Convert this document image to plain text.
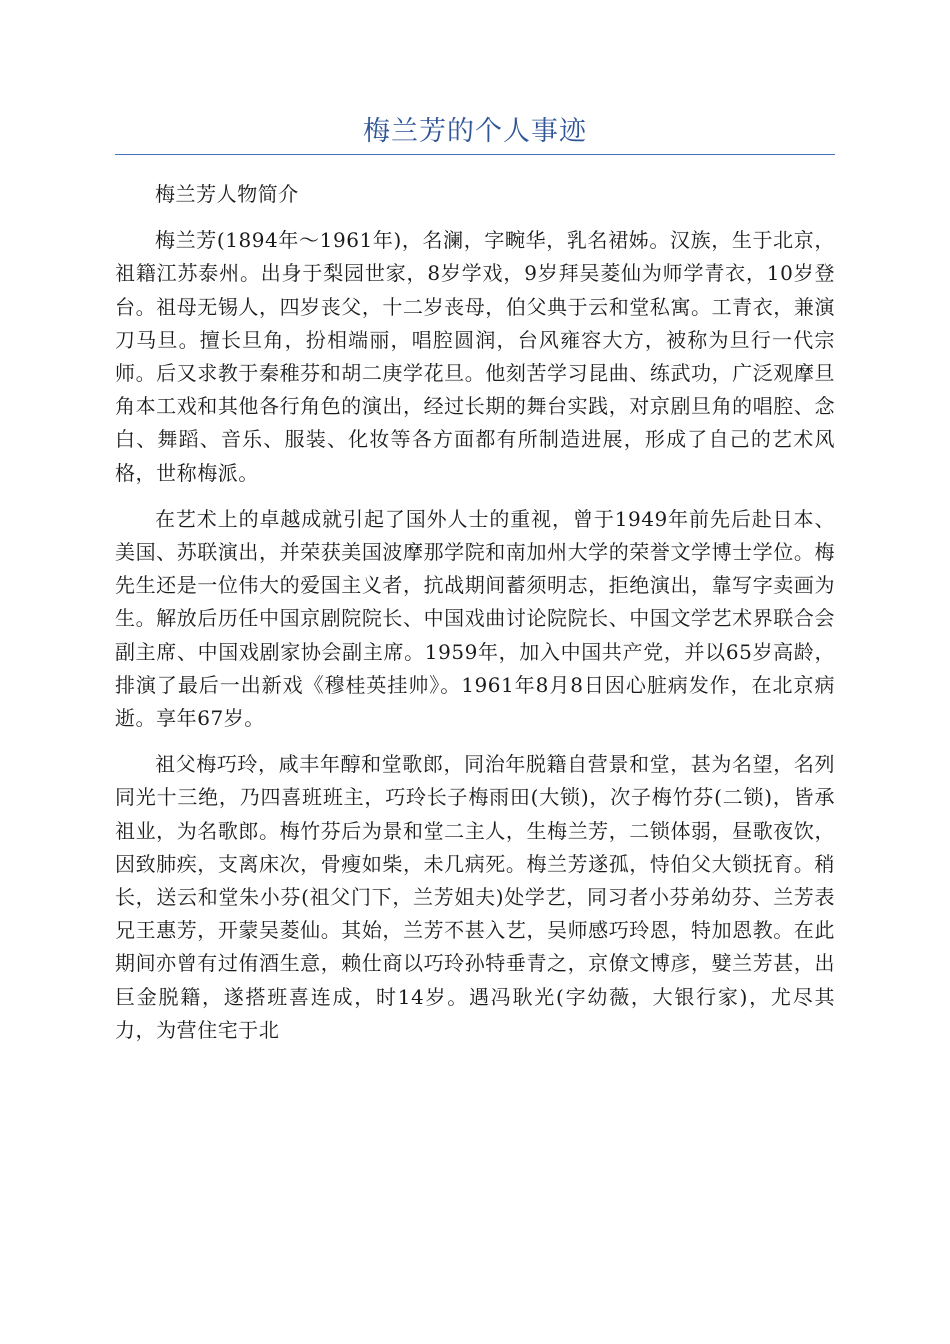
梅兰芳的个人事迹

梅兰芳人物简介

梅兰芳(1894年～1961年)，名澜，字畹华，乳名裙姊。汉族，生于北京，祖籍江苏泰州。出身于梨园世家，8岁学戏，9岁拜吴菱仙为师学青衣，10岁登台。祖母无锡人，四岁丧父，十二岁丧母，伯父典于云和堂私寓。工青衣，兼演刀马旦。擅长旦角，扮相端丽，唱腔圆润，台风雍容大方，被称为旦行一代宗师。后又求教于秦稚芬和胡二庚学花旦。他刻苦学习昆曲、练武功，广泛观摩旦角本工戏和其他各行角色的演出，经过长期的舞台实践，对京剧旦角的唱腔、念白、舞蹈、音乐、服装、化妆等各方面都有所制造进展，形成了自己的艺术风格，世称梅派。

在艺术上的卓越成就引起了国外人士的重视，曾于1949年前先后赴日本、美国、苏联演出，并荣获美国波摩那学院和南加州大学的荣誉文学博士学位。梅先生还是一位伟大的爱国主义者，抗战期间蓄须明志，拒绝演出，靠写字卖画为生。解放后历任中国京剧院院长、中国戏曲讨论院院长、中国文学艺术界联合会副主席、中国戏剧家协会副主席。1959年，加入中国共产党，并以65岁高龄，排演了最后一出新戏《穆桂英挂帅》。1961年8月8日因心脏病发作，在北京病逝。享年67岁。

祖父梅巧玲，咸丰年醇和堂歌郎，同治年脱籍自营景和堂，甚为名望，名列同光十三绝，乃四喜班班主，巧玲长子梅雨田(大锁)，次子梅竹芬(二锁)，皆承祖业，为名歌郎。梅竹芬后为景和堂二主人，生梅兰芳，二锁体弱，昼歌夜饮，因致肺疾，支离床次，骨瘦如柴，未几病死。梅兰芳遂孤，恃伯父大锁抚育。稍长，送云和堂朱小芬(祖父门下，兰芳姐夫)处学艺，同习者小芬弟幼芬、兰芳表兄王惠芳，开蒙吴菱仙。其始，兰芳不甚入艺，吴师感巧玲恩，特加恩教。在此期间亦曾有过侑酒生意，赖仕商以巧玲孙特垂青之，京僚文博彦，嬖兰芳甚，出巨金脱籍，遂搭班喜连成，时14岁。遇冯耿光(字幼薇，大银行家)，尤尽其力，为营住宅于北
